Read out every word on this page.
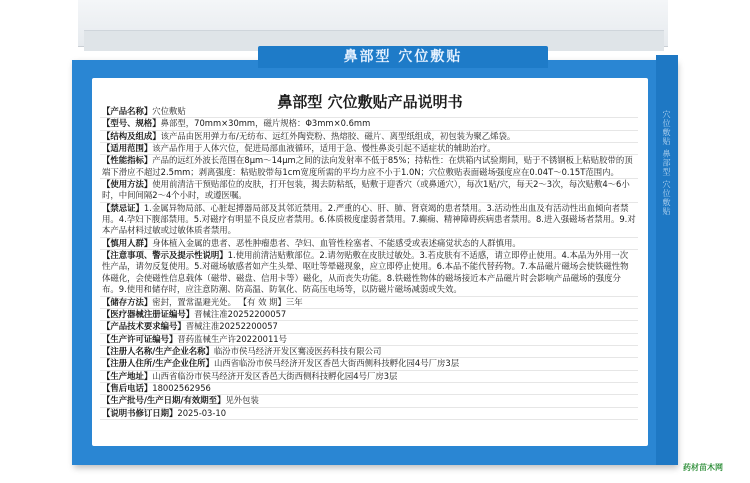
鼻部型 穴位敷贴
穴位敷贴 鼻部型 穴位敷贴
鼻部型 穴位敷贴产品说明书
【产品名称】穴位敷贴
【型号、规格】鼻部型，70mm×30mm，磁片规格：Φ3mm×0.6mm
【结构及组成】该产品由医用弹力布/无纺布、远红外陶瓷粉、热熔胶、磁片、离型纸组成，初包装为聚乙烯袋。
【适用范围】该产品作用于人体穴位，促进局部血液循环，适用于急、慢性鼻炎引起不适症状的辅助治疗。
【性能指标】产品的远红外波长范围在8μm～14μm之间的法向发射率不低于85%；持粘性：在烘箱内试验期间，贴于不锈钢板上粘贴胶带的顶端下滑应不超过2.5mm；剥离强度：粘贴胶带每1cm宽度所需的平均力应不小于1.0N；穴位敷贴表面磁场强度应在0.04T～0.15T范围内。
【使用方法】使用前清洁干预贴部位的皮肤，打开包装，揭去防粘纸，贴敷于迎香穴（或鼻通穴），每次1贴/穴，每天2～3次，每次贴敷4～6小时，中间间隔2～4个小时，或遵医嘱。
【禁忌证】1.金属异物局部、心脏起搏器局部及其邻近禁用。2.严重的心、肝、肺、肾衰竭的患者禁用。3.活动性出血及有活动性出血倾向者禁用。4.孕妇下腹部禁用。5.对磁疗有明显不良反应者禁用。6.体质极度虚弱者禁用。7.癫痫、精神障碍疾病患者禁用。8.进入强磁场者禁用。9.对本产品材料过敏或过敏体质者禁用。
【慎用人群】身体植入金属的患者、恶性肿瘤患者、孕妇、血管性栓塞者、不能感受或表述痛觉状态的人群慎用。
【注意事项、警示及提示性说明】1.使用前清洁贴敷部位。2.请勿贴敷在皮肤过敏处。3.若皮肤有不适感，请立即停止使用。4.本品为外用一次性产品，请勿反复使用。5.对磁场敏感者如产生头晕、呕吐等晕磁现象，应立即停止使用。6.本品不能代替药物。7.本品磁片磁场会使铁磁性物体磁化，会使磁性信息载体（磁带、磁盘、信用卡等）磁化，从而丧失功能。8.铁磁性物体的磁场接近本产品磁片时会影响产品磁场的强度分布。9.使用和储存时，应注意防潮、防高温、防氧化、防高压电场等，以防磁片磁场减弱或失效。
【储存方法】密封，置常温避光处。 【有 效 期】三年
【医疗器械注册证编号】晋械注准20252200057
【产品技术要求编号】晋械注准20252200057
【生产许可证编号】晋药监械生产许20220011号
【注册人名称/生产企业名称】临汾市侯马经济开发区騫凌医药科技有限公司
【注册人住所/生产企业住所】山西省临汾市侯马经济开发区香邑大街西侧科技孵化园4号厂房3层
【生产地址】山西省临汾市侯马经济开发区香邑大街西侧科技孵化园4号厂房3层
【售后电话】18002562956
【生产批号/生产日期/有效期至】见外包装
【说明书修订日期】2025-03-10
药材苗木网
